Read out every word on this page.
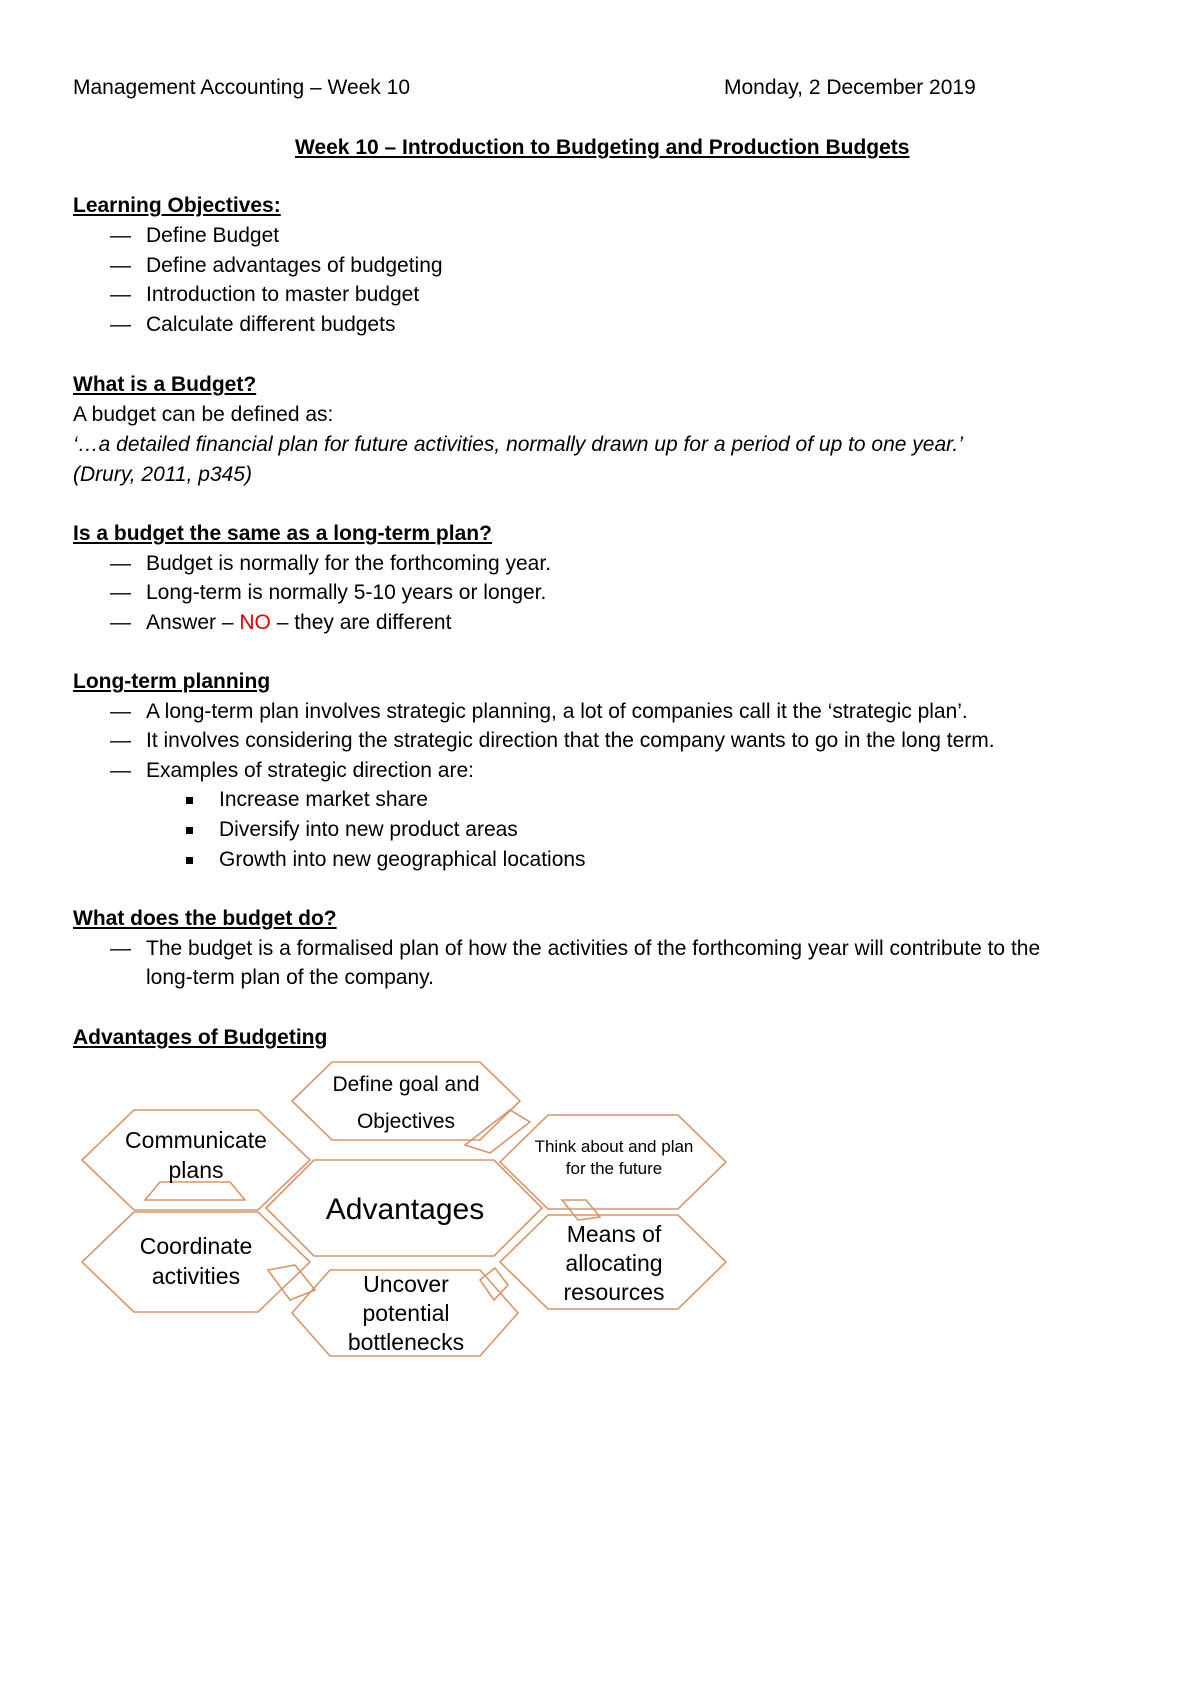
Management Accounting – Week 10	Monday, 2 December 2019
Week 10 – Introduction to Budgeting and Production Budgets
Learning Objectives:
— Define Budget
— Define advantages of budgeting
— Introduction to master budget
— Calculate different budgets
What is a Budget?
A budget can be defined as:
‘…a detailed financial plan for future activities, normally drawn up for a period of up to one year.’
(Drury, 2011, p345)
Is a budget the same as a long-term plan?
— Budget is normally for the forthcoming year.
— Long-term is normally 5-10 years or longer.
— Answer – NO – they are different
Long-term planning
— A long-term plan involves strategic planning, a lot of companies call it the ‘strategic plan’.
— It involves considering the strategic direction that the company wants to go in the long term.
— Examples of strategic direction are:
Increase market share
Diversify into new product areas
Growth into new geographical locations
What does the budget do?
— The budget is a formalised plan of how the activities of the forthcoming year will contribute to the
long-term plan of the company.
Advantages of Budgeting
Define goal and
Objectives
Communicate
plans
Think about and plan
for the future
Advantages
Coordinate
activities
Means of
allocating
resources
Uncover
potential
bottlenecks
